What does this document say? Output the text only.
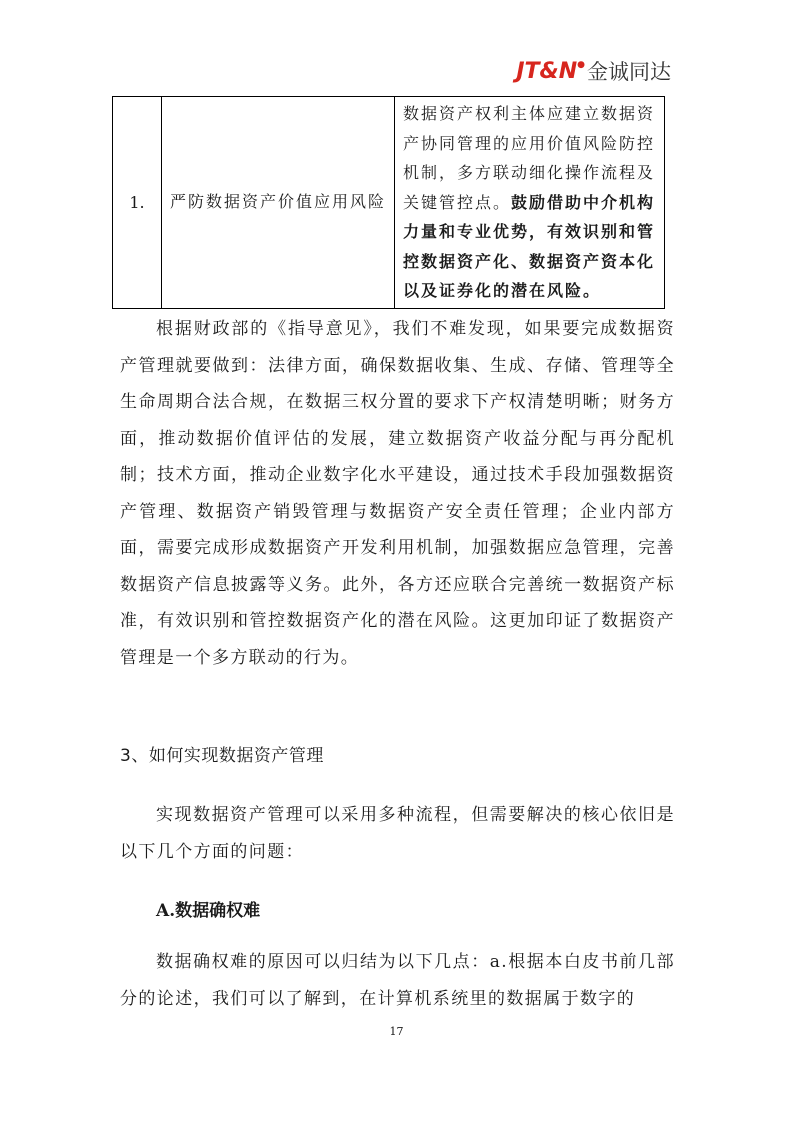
JT&N ● 金诚同达
1.	严防数据资产价值应用风险	数据资产权利主体应建立数据资产协同管理的应用价值风险防控机制，多方联动细化操作流程及关键管控点。鼓励借助中介机构力量和专业优势，有效识别和管控数据资产化、数据资产资本化以及证券化的潜在风险。

根据财政部的《指导意见》，我们不难发现，如果要完成数据资产管理就要做到：法律方面，确保数据收集、生成、存储、管理等全生命周期合法合规，在数据三权分置的要求下产权清楚明晰；财务方面，推动数据价值评估的发展，建立数据资产收益分配与再分配机制；技术方面，推动企业数字化水平建设，通过技术手段加强数据资产管理、数据资产销毁管理与数据资产安全责任管理；企业内部方面，需要完成形成数据资产开发利用机制，加强数据应急管理，完善数据资产信息披露等义务。此外，各方还应联合完善统一数据资产标准，有效识别和管控数据资产化的潜在风险。这更加印证了数据资产管理是一个多方联动的行为。

3、如何实现数据资产管理

实现数据资产管理可以采用多种流程，但需要解决的核心依旧是以下几个方面的问题：

A.数据确权难

数据确权难的原因可以归结为以下几点：a.根据本白皮书前几部分的论述，我们可以了解到，在计算机系统里的数据属于数字的

17
